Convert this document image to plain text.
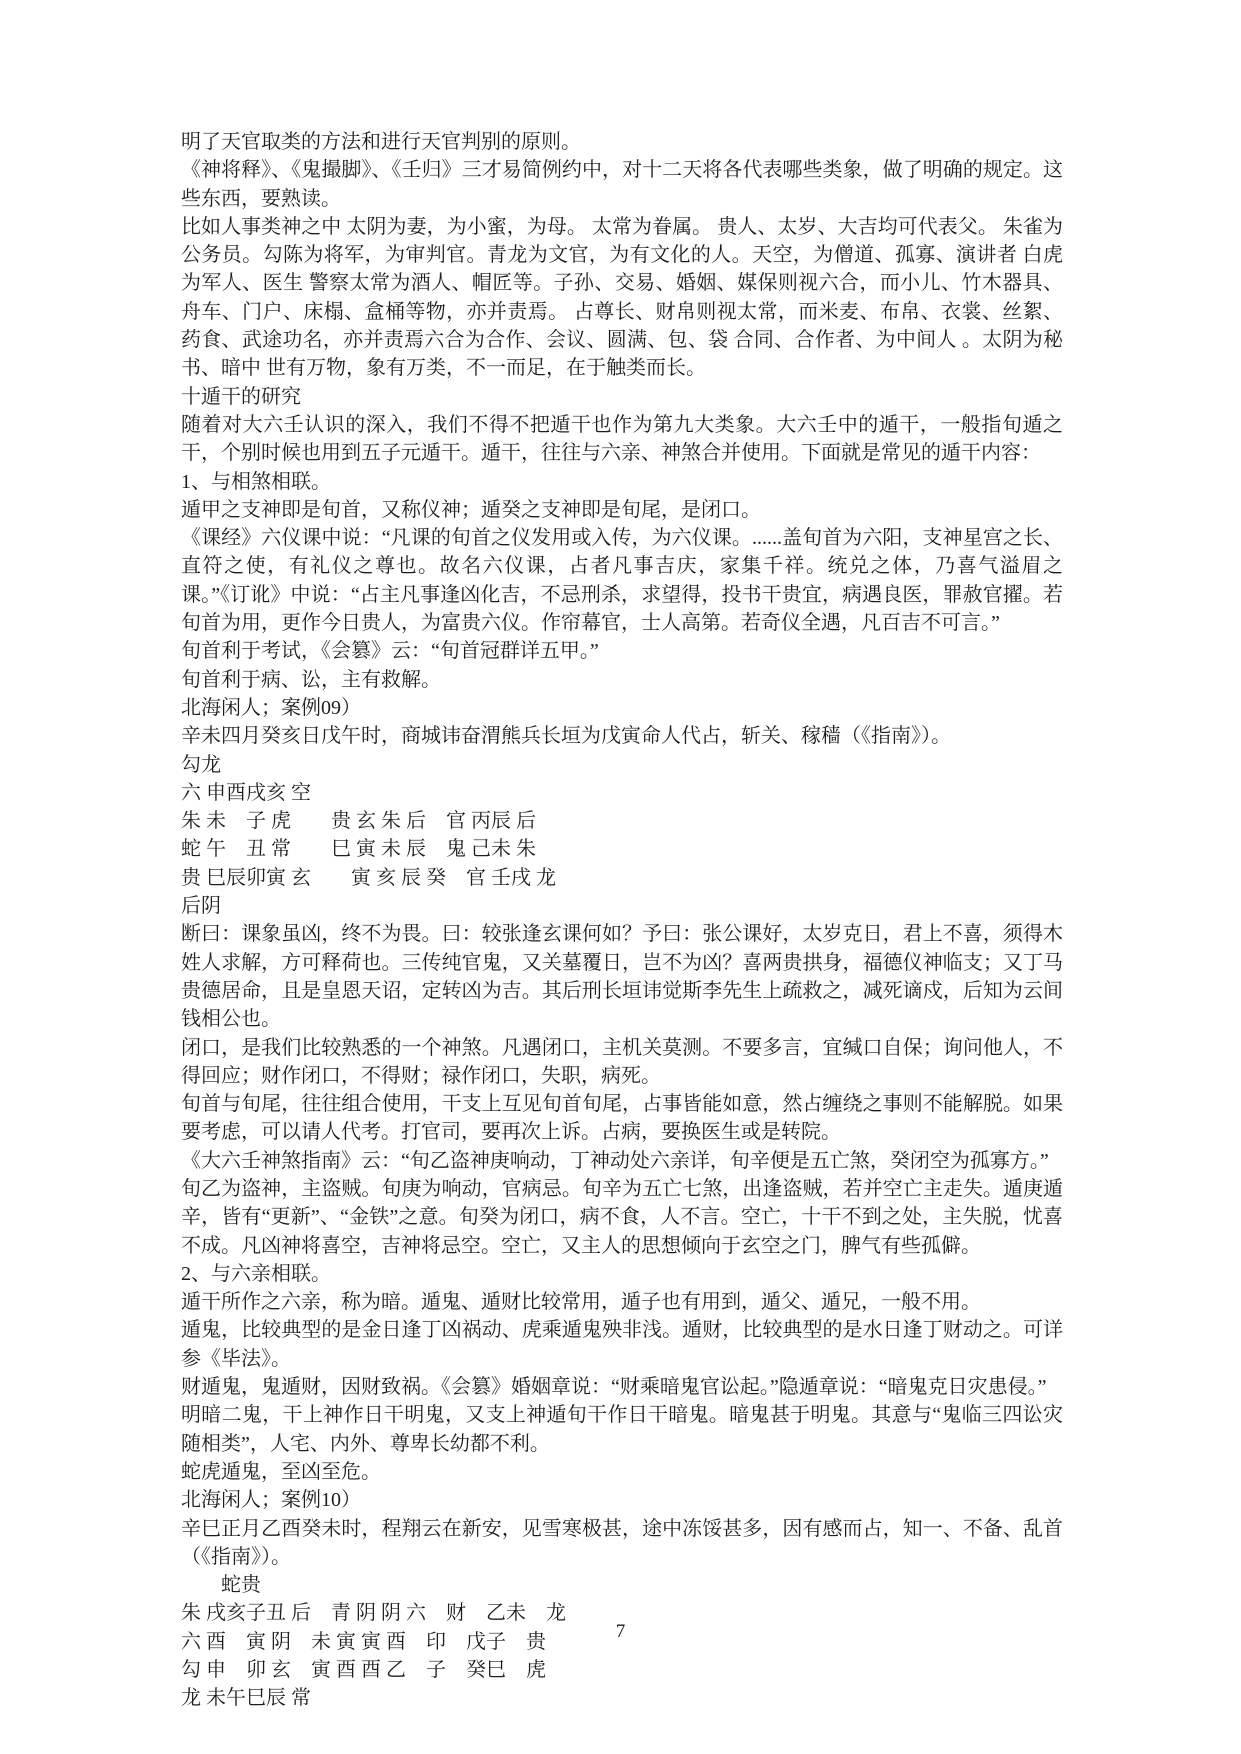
明了天官取类的方法和进行天官判别的原则。
《神将释》、《鬼撮脚》、《壬归》三才易简例约中，对十二天将各代表哪些类象，做了明确的规定。这些东西，要熟读。
比如人事类神之中 太阴为妻，为小蜜，为母。 太常为眷属。 贵人、太岁、大吉均可代表父。 朱雀为公务员。勾陈为将军，为审判官。青龙为文官，为有文化的人。天空，为僧道、孤寡、演讲者 白虎为军人、医生 警察太常为酒人、帽匠等。子孙、交易、婚姻、媒保则视六合，而小儿、竹木器具、舟车、门户、床榻、盒桶等物，亦并责焉。 占尊长、财帛则视太常，而米麦、布帛、衣裳、丝絮、药食、武途功名，亦并责焉六合为合作、会议、圆满、包、袋 合同、合作者、为中间人 。太阴为秘书、暗中 世有万物，象有万类，不一而足，在于触类而长。
十遁干的研究
随着对大六壬认识的深入，我们不得不把遁干也作为第九大类象。大六壬中的遁干，一般指旬遁之干，个别时候也用到五子元遁干。遁干，往往与六亲、神煞合并使用。下面就是常见的遁干内容：
1、与相煞相联。
遁甲之支神即是旬首，又称仪神；遁癸之支神即是旬尾，是闭口。
《课经》六仪课中说：“凡课的旬首之仪发用或入传，为六仪课。......盖旬首为六阳，支神星宫之长、直符之使，有礼仪之尊也。故名六仪课，占者凡事吉庆，家集千祥。统兑之体，乃喜气溢眉之课。”《订讹》中说：“占主凡事逢凶化吉，不忌刑杀，求望得，投书干贵宜，病遇良医，罪赦官擢。若旬首为用，更作今日贵人，为富贵六仪。作帘幕官，士人高第。若奇仪全遇，凡百吉不可言。”
旬首利于考试，《会篡》云：“旬首冠群详五甲。”
旬首利于病、讼，主有救解。
北海闲人；案例09）
辛未四月癸亥日戊午时，商城讳奋渭熊兵长垣为戊寅命人代占，斩关、稼穑（《指南》）。
勾龙
六 申酉戌亥 空
朱 未　子 虎　　贵 玄 朱 后　官 丙辰 后
蛇 午　丑 常　　巳 寅 未 辰　鬼 己未 朱
贵 巳辰卯寅 玄　　寅 亥 辰 癸　官 壬戌 龙
后阴
断曰：课象虽凶，终不为畏。曰：较张逢玄课何如？予曰：张公课好，太岁克日，君上不喜，须得木姓人求解，方可释荷也。三传纯官鬼，又关墓覆日，岂不为凶？喜两贵拱身，福德仪神临支；又丁马贵德居命，且是皇恩天诏，定转凶为吉。其后刑长垣讳觉斯李先生上疏救之，减死谪戍，后知为云间钱相公也。
闭口，是我们比较熟悉的一个神煞。凡遇闭口，主机关莫测。不要多言，宜缄口自保；询问他人，不得回应；财作闭口，不得财；禄作闭口，失职，病死。
旬首与旬尾，往往组合使用，干支上互见旬首旬尾，占事皆能如意，然占缠绕之事则不能解脱。如果要考虑，可以请人代考。打官司，要再次上诉。占病，要换医生或是转院。
《大六壬神煞指南》云：“旬乙盗神庚响动，丁神动处六亲详，旬辛便是五亡煞，癸闭空为孤寡方。”
旬乙为盗神，主盗贼。旬庚为响动，官病忌。旬辛为五亡七煞，出逢盗贼，若并空亡主走失。遁庚遁辛，皆有“更新”、“金铁”之意。旬癸为闭口，病不食，人不言。空亡，十干不到之处，主失脱，忧喜不成。凡凶神将喜空，吉神将忌空。空亡，又主人的思想倾向于玄空之门，脾气有些孤僻。
2、与六亲相联。
遁干所作之六亲，称为暗。遁鬼、遁财比较常用，遁子也有用到，遁父、遁兄，一般不用。
遁鬼，比较典型的是金日逢丁凶祸动、虎乘遁鬼殃非浅。遁财，比较典型的是水日逢丁财动之。可详参《毕法》。
财遁鬼，鬼遁财，因财致祸。《会篡》婚姻章说：“财乘暗鬼官讼起。”隐遁章说：“暗鬼克日灾患侵。”
明暗二鬼，干上神作日干明鬼，又支上神遁旬干作日干暗鬼。暗鬼甚于明鬼。其意与“鬼临三四讼灾随相类”，人宅、内外、尊卑长幼都不利。
蛇虎遁鬼，至凶至危。
北海闲人；案例10）
辛巳正月乙酉癸未时，程翔云在新安，见雪寒极甚，途中冻馁甚多，因有感而占，知一、不备、乱首（《指南》）。
　　蛇贵
朱 戌亥子丑 后　青 阴 阴 六　财　乙未　龙
六 酉　寅 阴　未 寅 寅 酉　印　戊子　贵
勾 申　卯 玄　寅 酉 酉 乙　子　癸巳　虎
龙 未午巳辰 常
7
